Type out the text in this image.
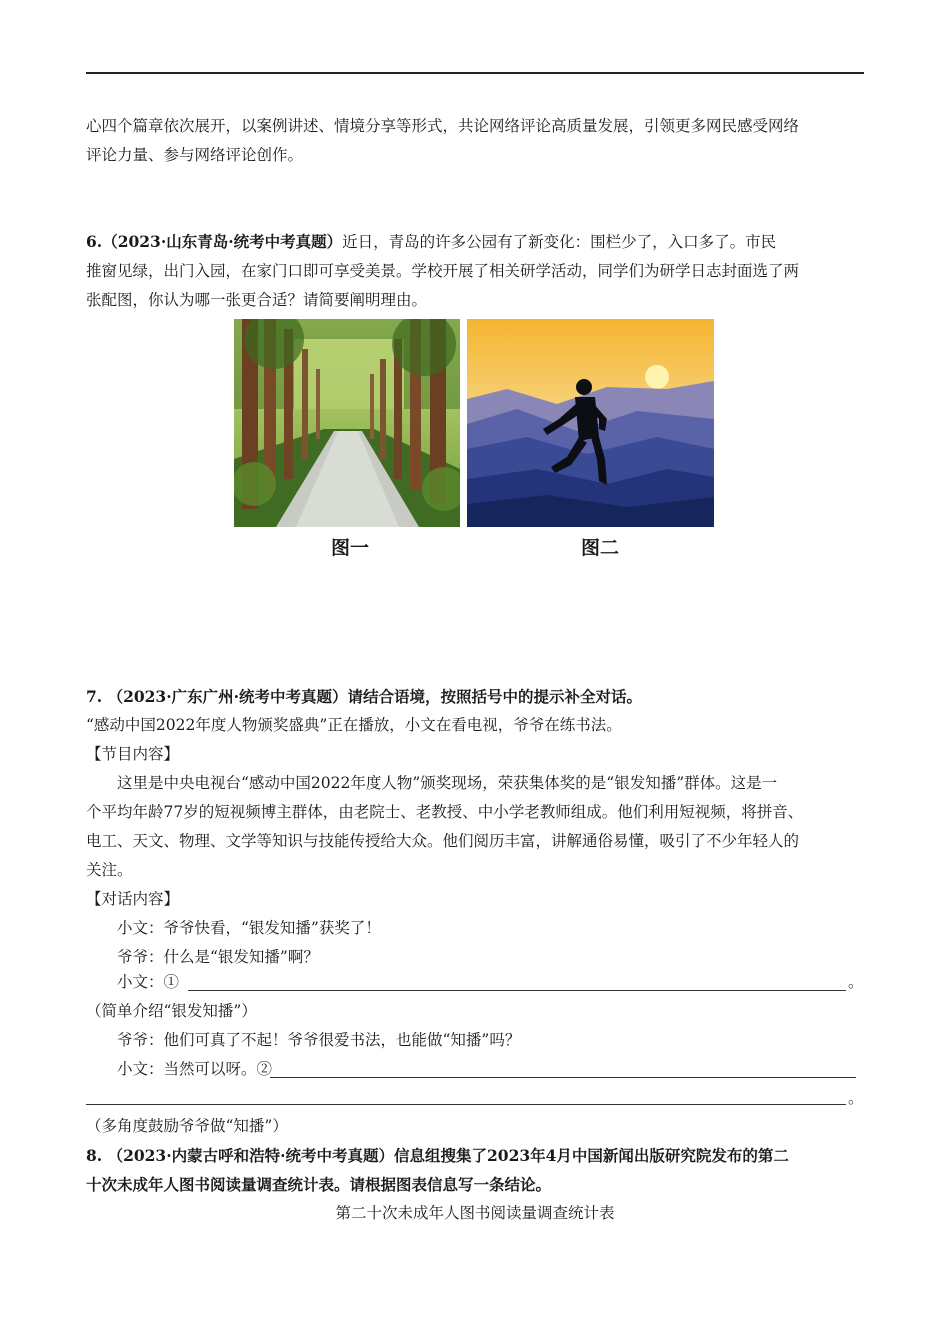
心四个篇章依次展开，以案例讲述、情境分享等形式，共论网络评论高质量发展，引领更多网民感受网络
评论力量、参与网络评论创作。
6.（2023·山东青岛·统考中考真题）近日，青岛的许多公园有了新变化：围栏少了，入口多了。市民
推窗见绿，出门入园，在家门口即可享受美景。学校开展了相关研学活动，同学们为研学日志封面选了两
张配图，你认为哪一张更合适？请简要阐明理由。
图一	图二
7. （2023·广东广州·统考中考真题）请结合语境，按照括号中的提示补全对话。
“感动中国2022年度人物颁奖盛典”正在播放，小文在看电视，爷爷在练书法。
【节目内容】
这里是中央电视台“感动中国2022年度人物”颁奖现场，荣获集体奖的是“银发知播”群体。这是一
个平均年龄77岁的短视频博主群体，由老院士、老教授、中小学老教师组成。他们利用短视频，将拼音、
电工、天文、物理、文学等知识与技能传授给大众。他们阅历丰富，讲解通俗易懂，吸引了不少年轻人的
关注。
【对话内容】
小文：爷爷快看，“银发知播”获奖了！
爷爷：什么是“银发知播”啊？
小文：①	。
（简单介绍“银发知播”）
爷爷：他们可真了不起！爷爷很爱书法，也能做“知播”吗？
小文：当然可以呀。②
。
（多角度鼓励爷爷做“知播”）
8. （2023·内蒙古呼和浩特·统考中考真题）信息组搜集了2023年4月中国新闻出版研究院发布的第二
十次未成年人图书阅读量调查统计表。请根据图表信息写一条结论。
第二十次未成年人图书阅读量调查统计表
